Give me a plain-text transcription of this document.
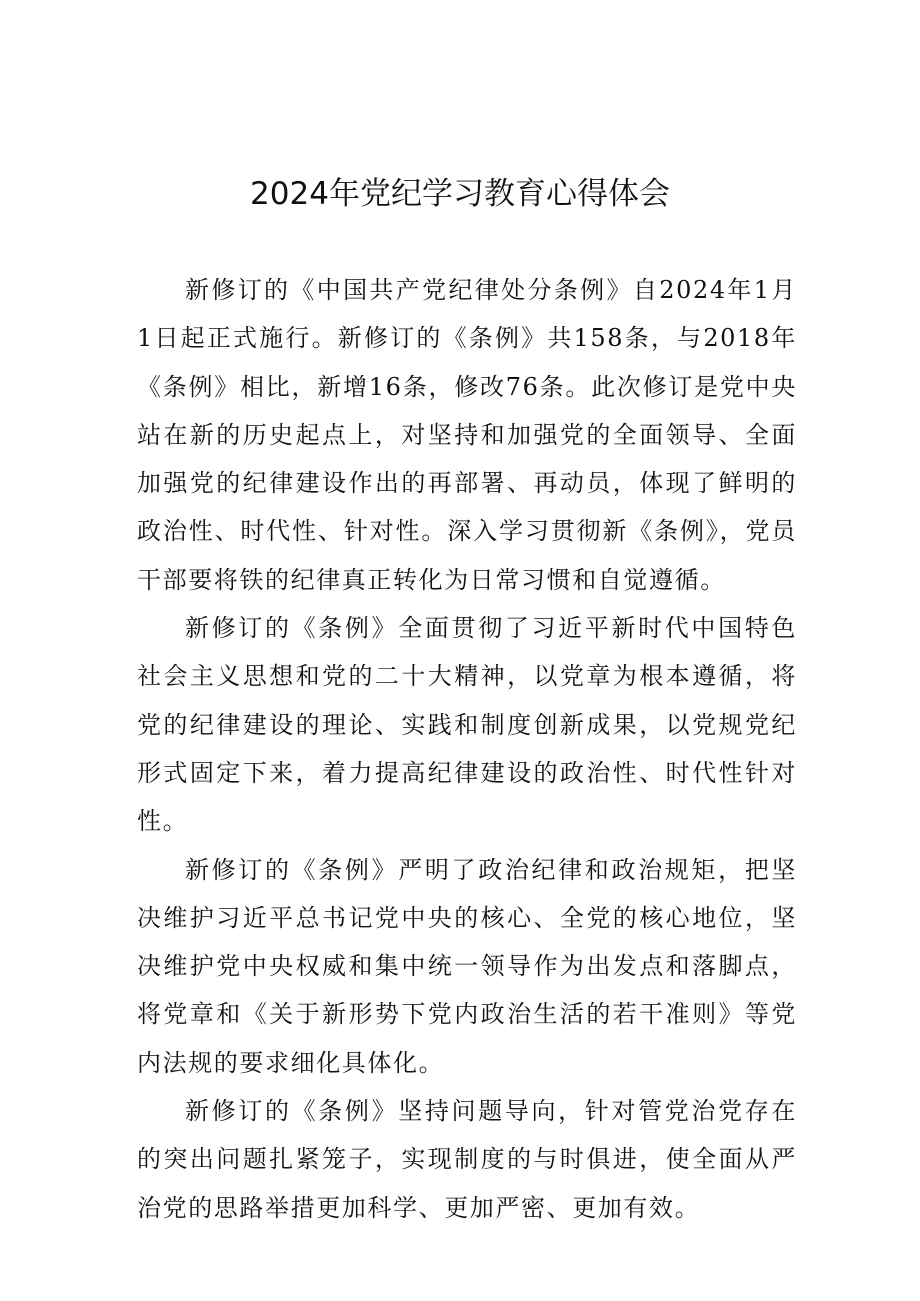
2024年党纪学习教育心得体会

新修订的《中国共产党纪律处分条例》自2024年1月1日起正式施行。新修订的《条例》共158条，与2018年《条例》相比，新增16条，修改76条。此次修订是党中央站在新的历史起点上，对坚持和加强党的全面领导、全面加强党的纪律建设作出的再部署、再动员，体现了鲜明的政治性、时代性、针对性。深入学习贯彻新《条例》，党员干部要将铁的纪律真正转化为日常习惯和自觉遵循。

新修订的《条例》全面贯彻了习近平新时代中国特色社会主义思想和党的二十大精神，以党章为根本遵循，将党的纪律建设的理论、实践和制度创新成果，以党规党纪形式固定下来，着力提高纪律建设的政治性、时代性针对性。

新修订的《条例》严明了政治纪律和政治规矩，把坚决维护习近平总书记党中央的核心、全党的核心地位，坚决维护党中央权威和集中统一领导作为出发点和落脚点，将党章和《关于新形势下党内政治生活的若干准则》等党内法规的要求细化具体化。

新修订的《条例》坚持问题导向，针对管党治党存在的突出问题扎紧笼子，实现制度的与时俱进，使全面从严治党的思路举措更加科学、更加严密、更加有效。
